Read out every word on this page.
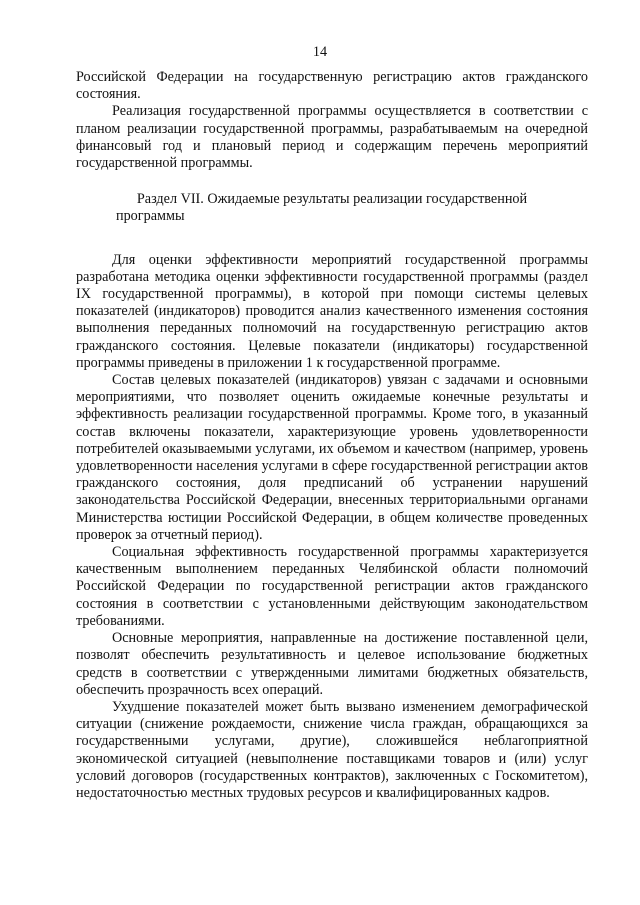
14

Российской Федерации на государственную регистрацию актов гражданского состояния.

Реализация государственной программы осуществляется в соответствии с планом реализации государственной программы, разрабатываемым на очередной финансовый год и плановый период и содержащим перечень мероприятий государственной программы.

Раздел VII. Ожидаемые результаты реализации государственной программы

Для оценки эффективности мероприятий государственной программы разработана методика оценки эффективности государственной программы (раздел IX государственной программы), в которой при помощи системы целевых показателей (индикаторов) проводится анализ качественного изменения состояния выполнения переданных полномочий на государственную регистрацию актов гражданского состояния. Целевые показатели (индикаторы) государственной программы приведены в приложении 1 к государственной программе.

Состав целевых показателей (индикаторов) увязан с задачами и основными мероприятиями, что позволяет оценить ожидаемые конечные результаты и эффективность реализации государственной программы. Кроме того, в указанный состав включены показатели, характеризующие уровень удовлетворенности потребителей оказываемыми услугами, их объемом и качеством (например, уровень удовлетворенности населения услугами в сфере государственной регистрации актов гражданского состояния, доля предписаний об устранении нарушений законодательства Российской Федерации, внесенных территориальными органами Министерства юстиции Российской Федерации, в общем количестве проведенных проверок за отчетный период).

Социальная эффективность государственной программы характеризуется качественным выполнением переданных Челябинской области полномочий Российской Федерации по государственной регистрации актов гражданского состояния в соответствии с установленными действующим законодательством требованиями.

Основные мероприятия, направленные на достижение поставленной цели, позволят обеспечить результативность и целевое использование бюджетных средств в соответствии с утвержденными лимитами бюджетных обязательств, обеспечить прозрачность всех операций.

Ухудшение показателей может быть вызвано изменением демографической ситуации (снижение рождаемости, снижение числа граждан, обращающихся за государственными услугами, другие), сложившейся неблагоприятной экономической ситуацией (невыполнение поставщиками товаров и (или) услуг условий договоров (государственных контрактов), заключенных с Госкомитетом), недостаточностью местных трудовых ресурсов и квалифицированных кадров.
